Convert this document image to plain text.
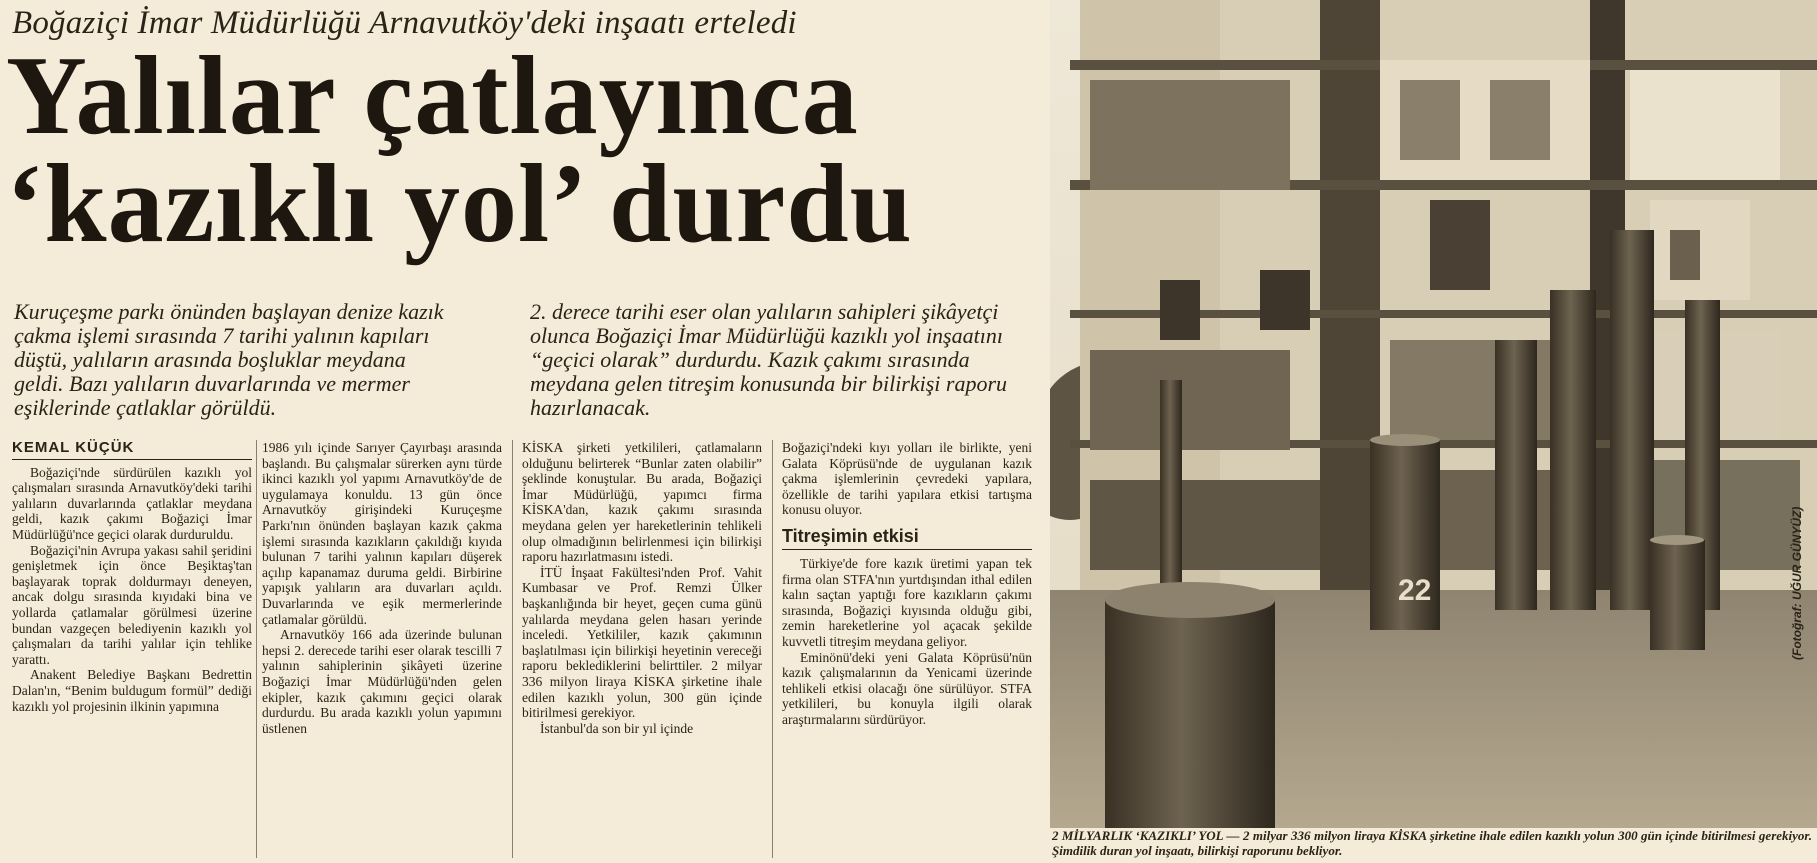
Boğaziçi İmar Müdürlüğü Arnavutköy'deki inşaatı erteledi
Yalılar çatlayınca
‘kazıklı yol’ durdu
Kuruçeşme parkı önünden başlayan denize kazık çakma işlemi sırasında 7 tarihi yalının kapıları düştü, yalıların arasında boşluklar meydana geldi. Bazı yalıların duvarlarında ve mermer eşiklerinde çatlaklar görüldü.
2. derece tarihi eser olan yalıların sahipleri şikâyetçi olunca Boğaziçi İmar Müdürlüğü kazıklı yol inşaatını “geçici olarak” durdurdu. Kazık çakımı sırasında meydana gelen titreşim konusunda bir bilirkişi raporu hazırlanacak.
KEMAL KÜÇÜK

Boğaziçi'nde sürdürülen kazıklı yol çalışmaları sırasında Arnavutköy'deki tarihi yalıların duvarlarında çatlaklar meydana geldi, kazık çakımı Boğaziçi İmar Müdürlüğü'nce geçici olarak durduruldu.

Boğaziçi'nin Avrupa yakası sahil şeridini genişletmek için önce Beşiktaş'tan başlayarak toprak doldurmayı deneyen, ancak dolgu sırasında kıyıdaki bina ve yollarda çatlamalar görülmesi üzerine bundan vazgeçen belediyenin kazıklı yol çalışmaları da tarihi yalılar için tehlike yarattı.

Anakent Belediye Başkanı Bedrettin Dalan'ın, “Benim buldugum formül” dediği kazıklı yol projesinin ilkinin yapımına

1986 yılı içinde Sarıyer Çayırbaşı arasında başlandı. Bu çalışmalar sürerken aynı türde ikinci kazıklı yol yapımı Arnavutköy'de de uygulamaya konuldu. 13 gün önce Arnavutköy girişindeki Kuruçeşme Parkı'nın önünden başlayan kazık çakma işlemi sırasında kazıkların çakıldığı kıyıda bulunan 7 tarihi yalının kapıları düşerek açılıp kapanamaz duruma geldi. Birbirine yapışık yalıların ara duvarları açıldı. Duvarlarında ve eşik mermerlerinde çatlamalar görüldü.

Arnavutköy 166 ada üzerinde bulunan hepsi 2. derecede tarihi eser olarak tescilli 7 yalının sahiplerinin şikâyeti üzerine Boğaziçi İmar Müdürlüğü'nden gelen ekipler, kazık çakımını geçici olarak durdurdu. Bu arada kazıklı yolun yapımını üstlenen

KİSKA şirketi yetkilileri, çatlamaların olduğunu belirterek “Bunlar zaten olabilir” şeklinde konuştular. Bu arada, Boğaziçi İmar Müdürlüğü, yapımcı firma KİSKA'dan, kazık çakımı sırasında meydana gelen yer hareketlerinin tehlikeli olup olmadığının belirlenmesi için bilirkişi raporu hazırlatmasını istedi.

İTÜ İnşaat Fakültesi'nden Prof. Vahit Kumbasar ve Prof. Remzi Ülker başkanlığında bir heyet, geçen cuma günü yalılarda meydana gelen hasarı yerinde inceledi. Yetkililer, kazık çakımının başlatılması için bilirkişi heyetinin vereceği raporu beklediklerini belirttiler. 2 milyar 336 milyon liraya KİSKA şirketine ihale edilen kazıklı yolun, 300 gün içinde bitirilmesi gerekiyor.

İstanbul'da son bir yıl içinde

Boğaziçi'ndeki kıyı yolları ile birlikte, yeni Galata Köprüsü'nde de uygulanan kazık çakma işlemlerinin çevredeki yapılara, özellikle de tarihi yapılara etkisi tartışma konusu oluyor.

Titreşimin etkisi

Türkiye'de fore kazık üretimi yapan tek firma olan STFA'nın yurtdışından ithal edilen kalın saçtan yaptığı fore kazıkların çakımı sırasında, Boğaziçi kıyısında olduğu gibi, zemin hareketlerine yol açacak şekilde kuvvetli titreşim meydana geliyor.

Eminönü'deki yeni Galata Köprüsü'nün kazık çalışmalarının da Yenicami üzerinde tehlikeli etkisi olacağı öne sürülüyor. STFA yetkilileri, bu konuyla ilgili olarak araştırmalarını sürdürüyor.

22	(Fotoğraf: UĞUR GÜNYÜZ)
2 MİLYARLIK ‘KAZIKLI’ YOL — 2 milyar 336 milyon liraya KİSKA şirketine ihale edilen kazıklı yolun 300 gün içinde bitirilmesi gerekiyor. Şimdilik duran yol inşaatı, bilirkişi raporunu bekliyor.
